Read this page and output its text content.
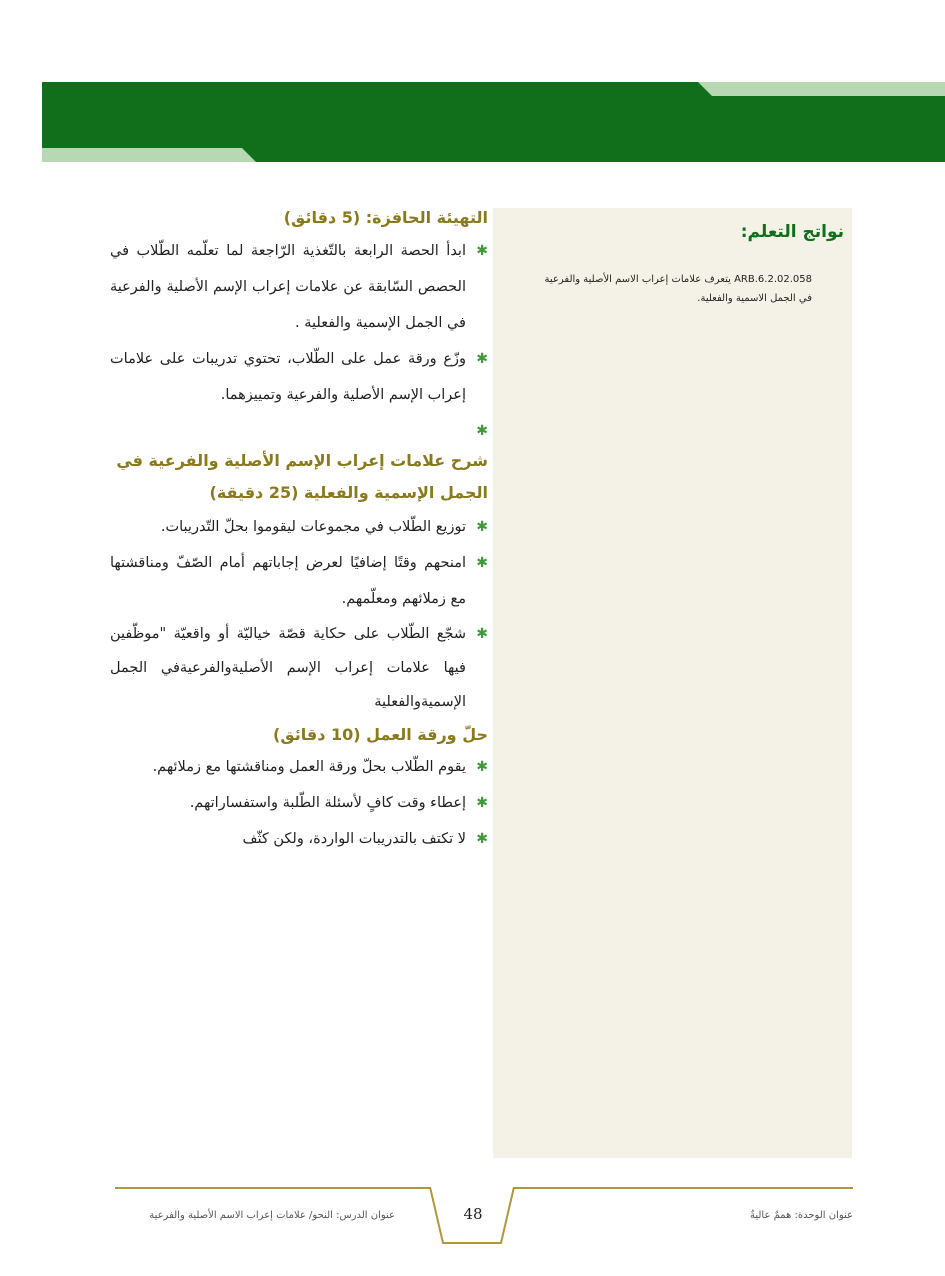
نواتج التعلم:
ARB.6.2.02.058 يتعرف علامات إعراب الاسم الأصلية والفرعية في الجمل الاسمية والفعلية.
التهيئة الحافزة: (5 دقائق)
✱
ابدأ الحصة الرابعة بالتّغذية الرّاجعة لما تعلّمه الطّلاب في الحصص السّابقة عن علامات إعراب الإسم الأصلية والفرعية في الجمل الإسمية والفعلية .
✱
وزّع ورقة عمل على الطّلاب، تحتوي تدريبات على علامات إعراب الإسم الأصلية والفرعية وتمييزهما.
✱
شرح علامات إعراب الإسم الأصلية والفرعية في الجمل الإسمية والفعلية (25 دقيقة)
✱
توزيع الطّلاب في مجموعات ليقوموا بحلّ التّدريبات.
✱
امنحهم وقتًا إضافيًا لعرض إجاباتهم أمام الصّفّ ومناقشتها مع زملائهم ومعلّمهم.
✱
شجّع الطّلاب على حكاية قصّة خياليّة أو واقعيّة "موظّفين فيها علامات إعراب الإسم الأصليةوالفرعيةفي الجمل الإسميةوالفعلية
حلّ ورقة العمل (10 دقائق)
✱
يقوم الطّلاب بحلّ ورقة العمل ومناقشتها مع زملائهم.
✱
إعطاء وقت كافٍ لأسئلة الطّلبة واستفساراتهم.
✱
لا تكتف بالتدريبات الواردة، ولكن كثّف
48	عنوان الوحدة: هممٌ عاليةٌ
عنوان الدرس: النحو/ علامات إعراب الاسم الأصلية والفرعية
